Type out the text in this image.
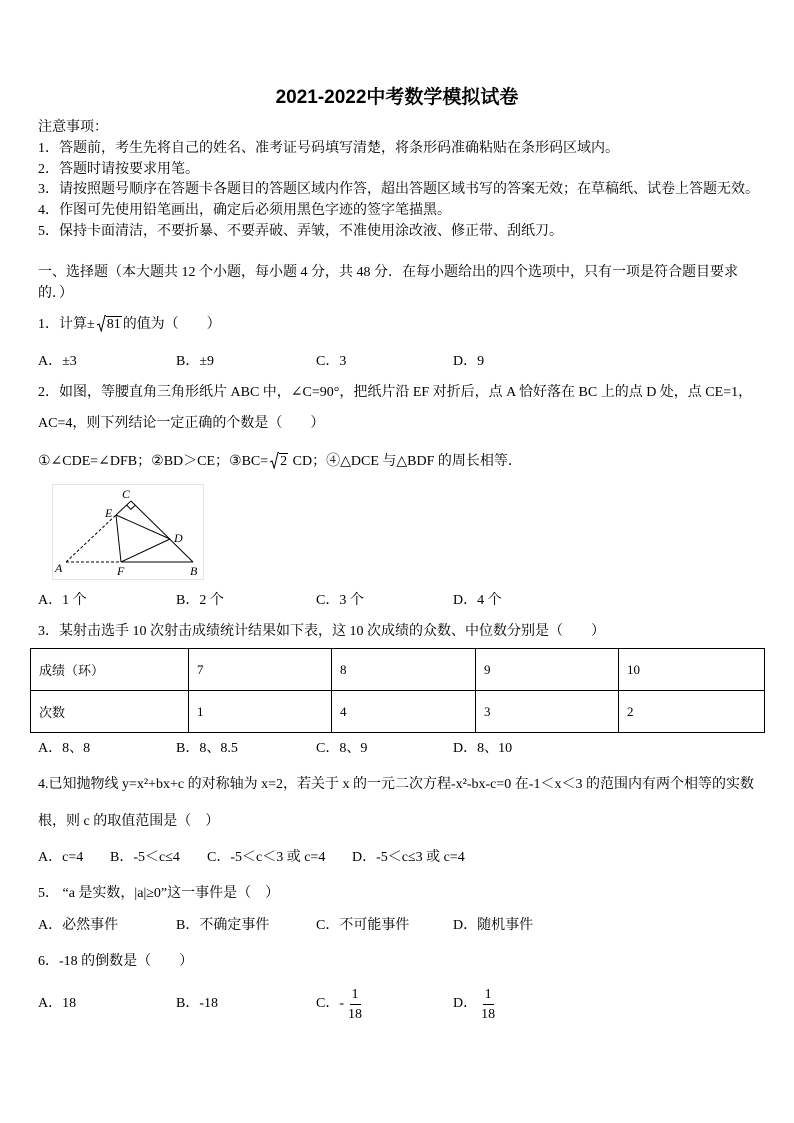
2021-2022中考数学模拟试卷
注意事项：
1．答题前，考生先将自己的姓名、准考证号码填写清楚，将条形码准确粘贴在条形码区域内。
2．答题时请按要求用笔。
3．请按照题号顺序在答题卡各题目的答题区域内作答，超出答题区域书写的答案无效；在草稿纸、试卷上答题无效。
4．作图可先使用铅笔画出，确定后必须用黑色字迹的签字笔描黑。
5．保持卡面清洁，不要折暴、不要弄破、弄皱，不准使用涂改液、修正带、刮纸刀。
一、选择题（本大题共 12 个小题，每小题 4 分，共 48 分．在每小题给出的四个选项中，只有一项是符合题目要求
的．）
1．计算± 81 的值为（　　）
A．±3	B．±9	C．3	D．9
2．如图，等腰直角三角形纸片 ABC 中，∠C=90°，把纸片沿 EF 对折后，点 A 恰好落在 BC 上的点 D 处，点 CE=1，
AC=4，则下列结论一定正确的个数是（　　）
①∠CDE=∠DFB；②BD＞CE；③BC= 2 CD；④△DCE 与△BDF 的周长相等．
C
E
D
A	F	B
A．1 个	B．2 个	C．3 个	D．4 个
3．某射击选手 10 次射击成绩统计结果如下表，这 10 次成绩的众数、中位数分别是（　　）
成绩（环）	7	8	9	10
次数	1	4	3	2
A．8、8	B．8、8.5	C．8、9	D．8、10
4.已知抛物线 y=x²+bx+c 的对称轴为 x=2，若关于 x 的一元二次方程-x²-bx-c=0 在-1＜x＜3 的范围内有两个相等的实数
根，则 c 的取值范围是（　）
A．c=4 B．-5＜c≤4 C．-5＜c＜3 或 c=4 D．-5＜c≤3 或 c=4
5． “a 是实数，|a|≥0”这一事件是（　）
A．必然事件	B．不确定事件	C．不可能事件	D．随机事件
6．-18 的倒数是（　　）
A．18	B．-18	C．- $\frac{1}{18}$	D． $\frac{1}{18}$
